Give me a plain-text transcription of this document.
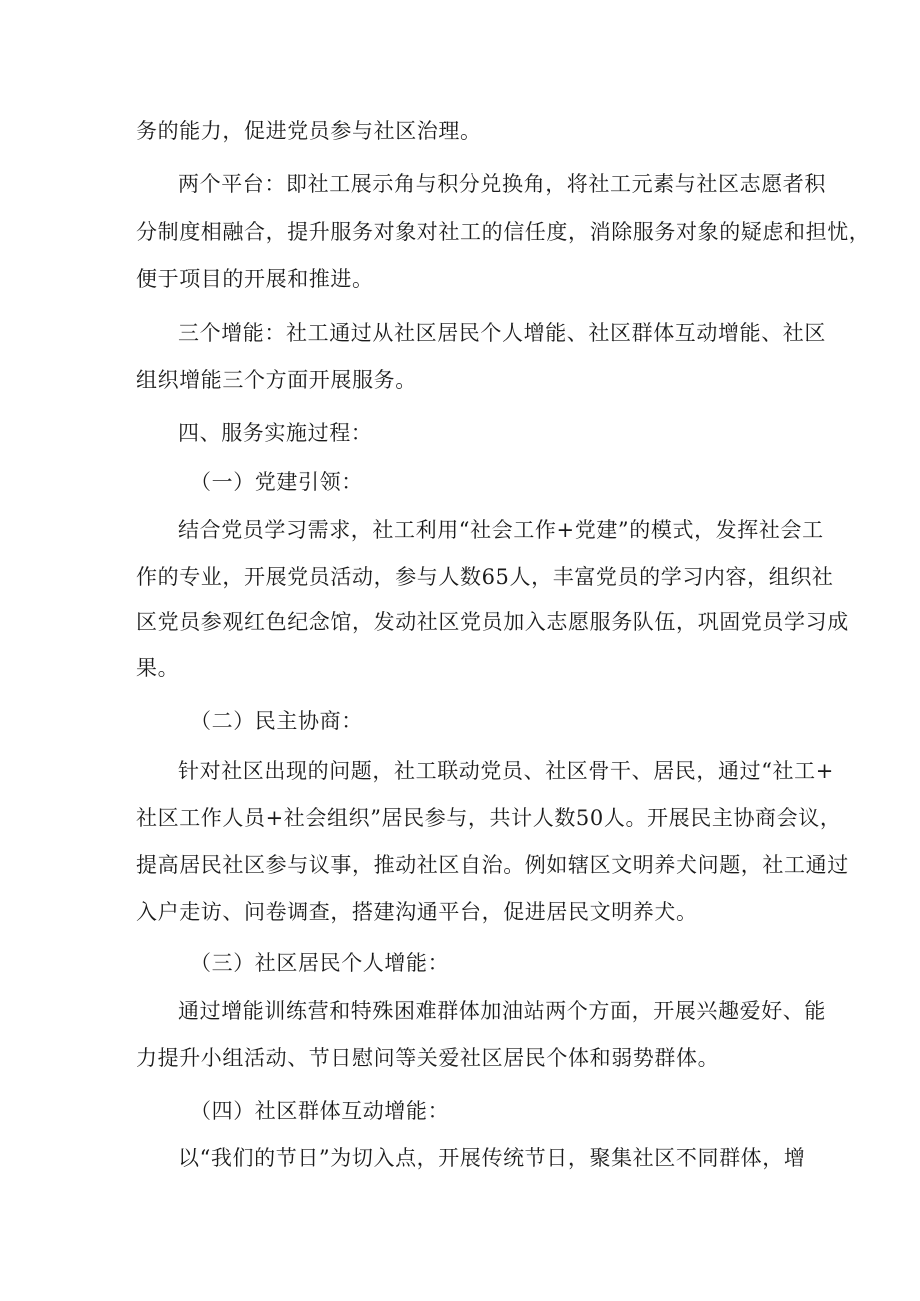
务的能力，促进党员参与社区治理。
两个平台：即社工展示角与积分兑换角，将社工元素与社区志愿者积
分制度相融合，提升服务对象对社工的信任度，消除服务对象的疑虑和担忧，
便于项目的开展和推进。
三个增能：社工通过从社区居民个人增能、社区群体互动增能、社区
组织增能三个方面开展服务。
四、服务实施过程：
（一）党建引领：
结合党员学习需求，社工利用“社会工作+党建”的模式，发挥社会工
作的专业，开展党员活动，参与人数65人，丰富党员的学习内容，组织社
区党员参观红色纪念馆，发动社区党员加入志愿服务队伍，巩固党员学习成
果。
（二）民主协商：
针对社区出现的问题，社工联动党员、社区骨干、居民，通过“社工+
社区工作人员+社会组织”居民参与，共计人数50人。开展民主协商会议，
提高居民社区参与议事，推动社区自治。例如辖区文明养犬问题，社工通过
入户走访、问卷调查，搭建沟通平台，促进居民文明养犬。
（三）社区居民个人增能：
通过增能训练营和特殊困难群体加油站两个方面，开展兴趣爱好、能
力提升小组活动、节日慰问等关爱社区居民个体和弱势群体。
（四）社区群体互动增能：
以“我们的节日”为切入点，开展传统节日，聚集社区不同群体，增
